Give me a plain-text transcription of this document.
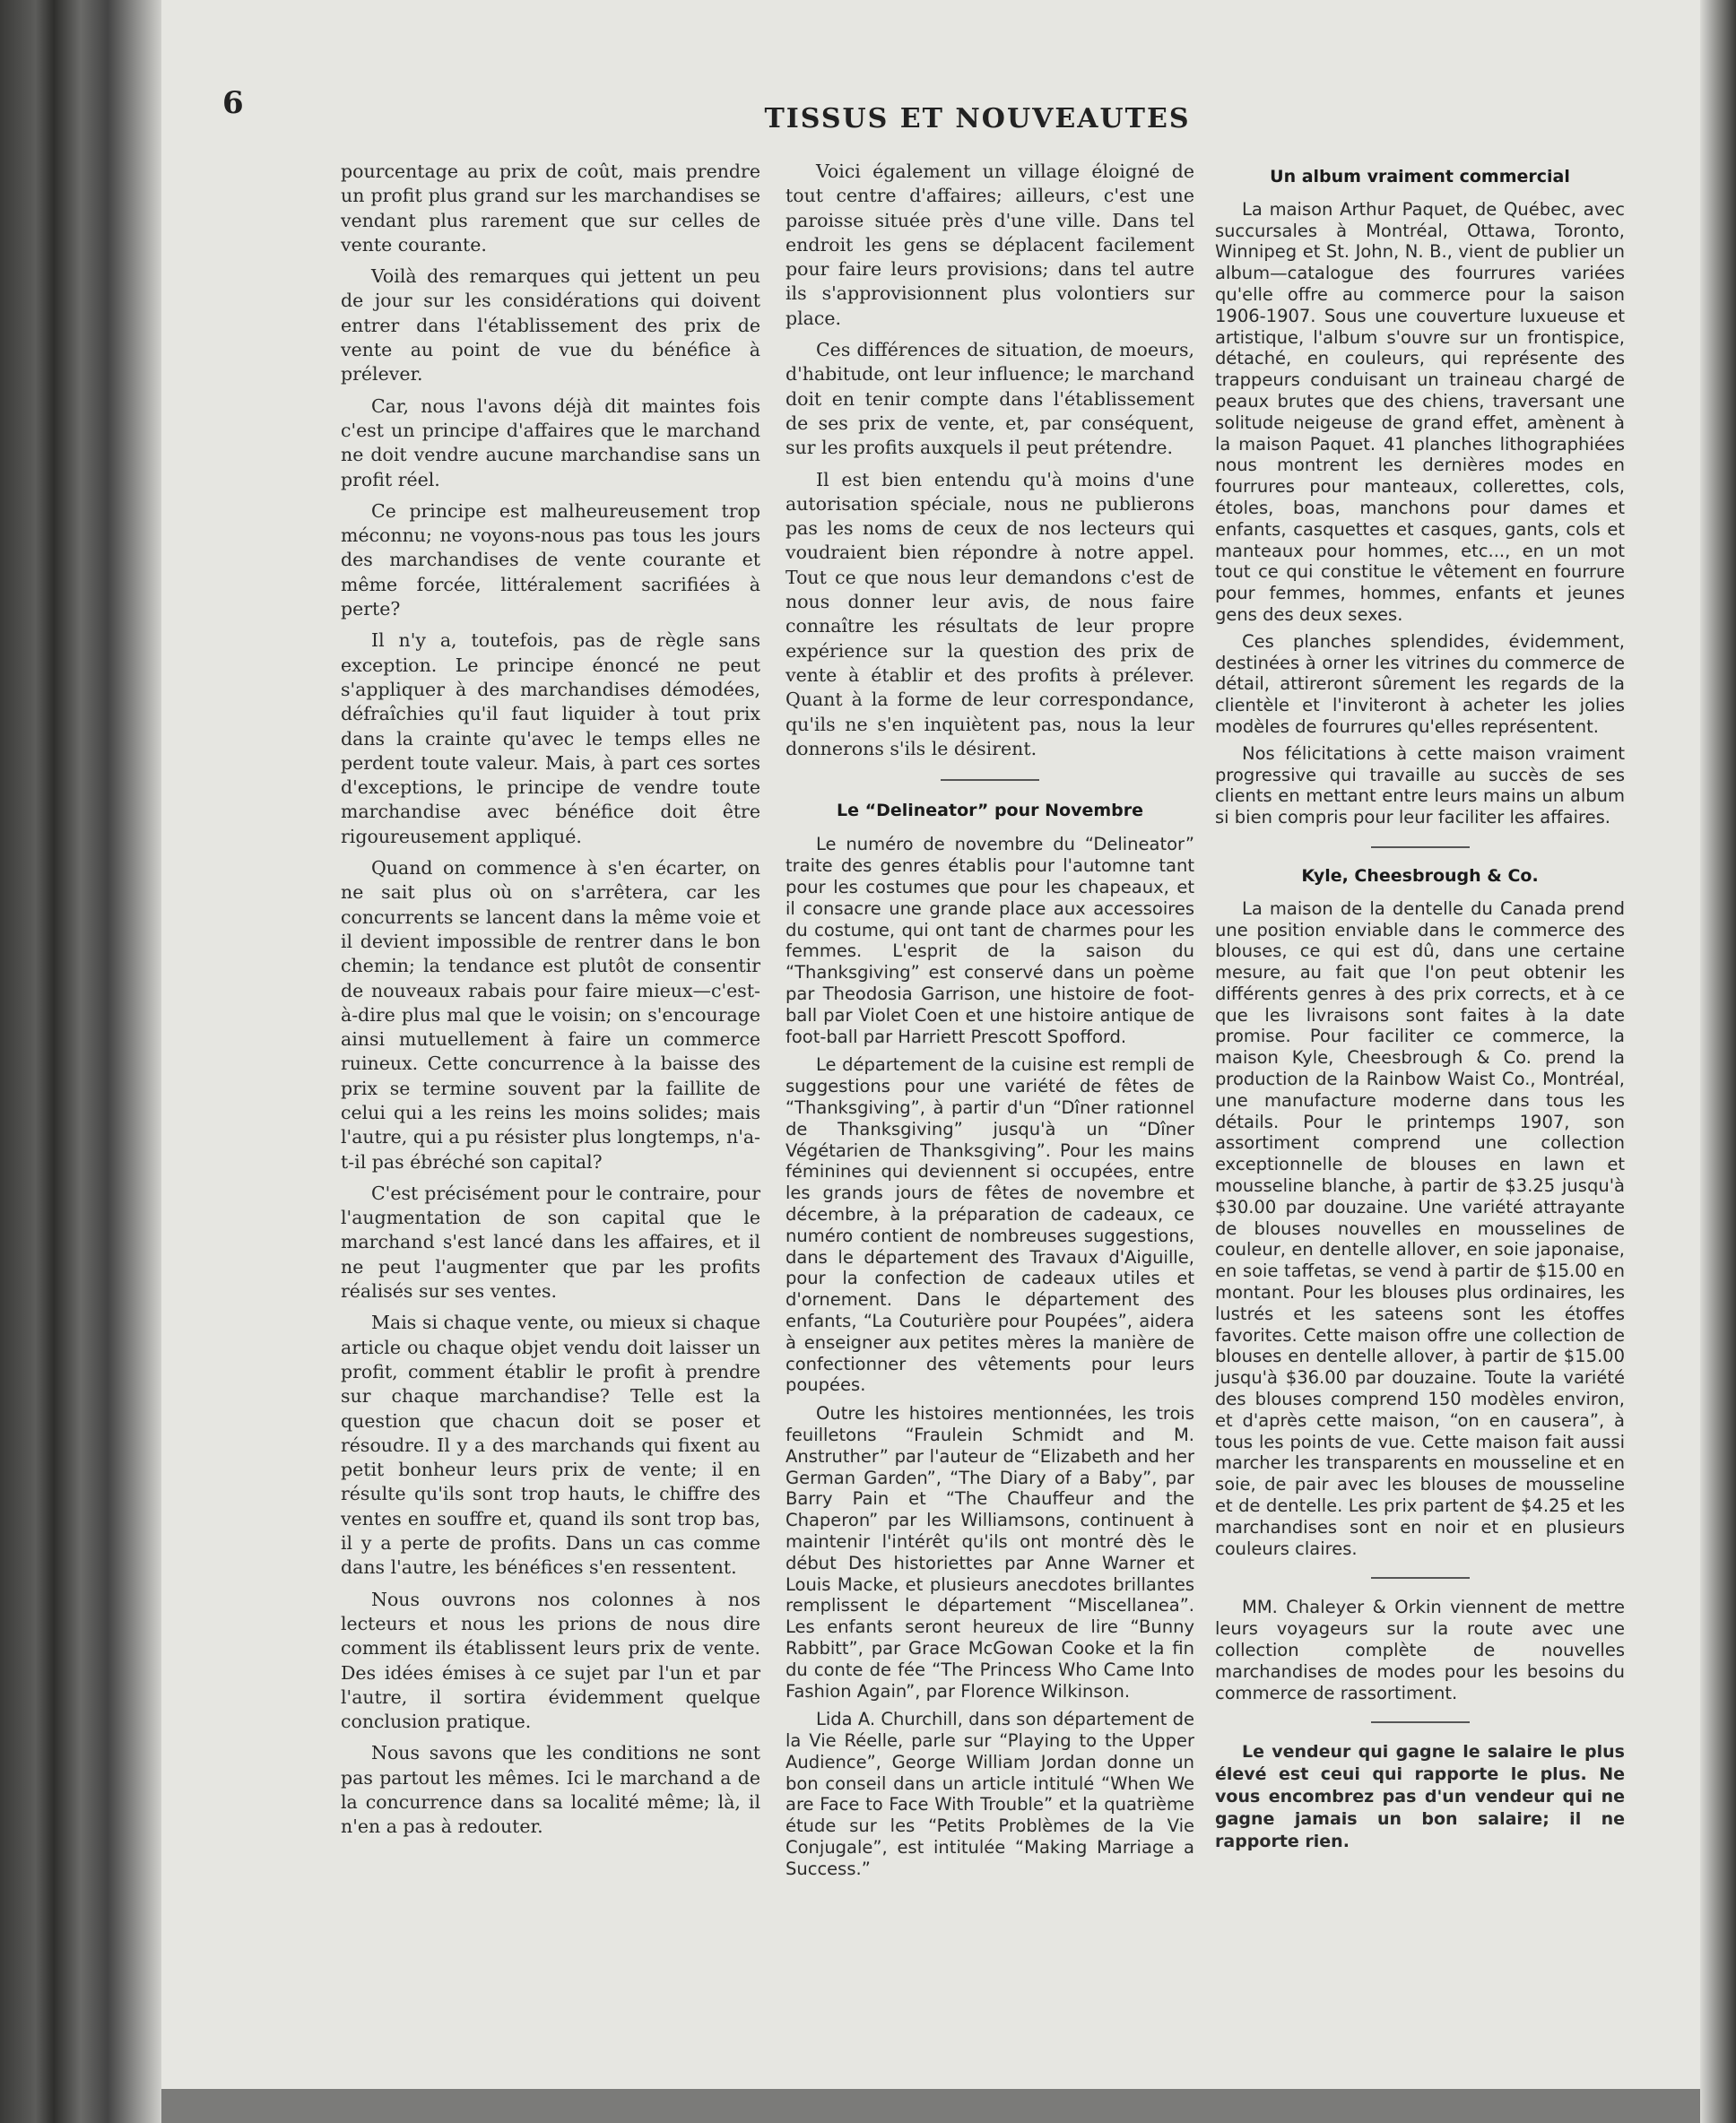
6	TISSUS ET NOUVEAUTES

pourcentage au prix de coût, mais prendre un profit plus grand sur les marchandises se vendant plus rarement que sur celles de vente courante.

Voilà des remarques qui jettent un peu de jour sur les considérations qui doivent entrer dans l'établissement des prix de vente au point de vue du bénéfice à prélever.

Car, nous l'avons déjà dit maintes fois c'est un principe d'affaires que le marchand ne doit vendre aucune marchandise sans un profit réel.

Ce principe est malheureusement trop méconnu; ne voyons-nous pas tous les jours des marchandises de vente courante et même forcée, littéralement sacrifiées à perte?

Il n'y a, toutefois, pas de règle sans exception. Le principe énoncé ne peut s'appliquer à des marchandises démodées, défraîchies qu'il faut liquider à tout prix dans la crainte qu'avec le temps elles ne perdent toute valeur. Mais, à part ces sortes d'exceptions, le principe de vendre toute marchandise avec bénéfice doit être rigoureusement appliqué.

Quand on commence à s'en écarter, on ne sait plus où on s'arrêtera, car les concurrents se lancent dans la même voie et il devient impossible de rentrer dans le bon chemin; la tendance est plutôt de consentir de nouveaux rabais pour faire mieux—c'est-à-dire plus mal que le voisin; on s'encourage ainsi mutuellement à faire un commerce ruineux. Cette concurrence à la baisse des prix se termine souvent par la faillite de celui qui a les reins les moins solides; mais l'autre, qui a pu résister plus longtemps, n'a-t-il pas ébréché son capital?

C'est précisément pour le contraire, pour l'augmentation de son capital que le marchand s'est lancé dans les affaires, et il ne peut l'augmenter que par les profits réalisés sur ses ventes.

Mais si chaque vente, ou mieux si chaque article ou chaque objet vendu doit laisser un profit, comment établir le profit à prendre sur chaque marchandise? Telle est la question que chacun doit se poser et résoudre. Il y a des marchands qui fixent au petit bonheur leurs prix de vente; il en résulte qu'ils sont trop hauts, le chiffre des ventes en souffre et, quand ils sont trop bas, il y a perte de profits. Dans un cas comme dans l'autre, les bénéfices s'en ressentent.

Nous ouvrons nos colonnes à nos lecteurs et nous les prions de nous dire comment ils établissent leurs prix de vente. Des idées émises à ce sujet par l'un et par l'autre, il sortira évidemment quelque conclusion pratique.

Nous savons que les conditions ne sont pas partout les mêmes. Ici le marchand a de la concurrence dans sa localité même; là, il n'en a pas à redouter.

Voici également un village éloigné de tout centre d'affaires; ailleurs, c'est une paroisse située près d'une ville. Dans tel endroit les gens se déplacent facilement pour faire leurs provisions; dans tel autre ils s'approvisionnent plus volontiers sur place.

Ces différences de situation, de moeurs, d'habitude, ont leur influence; le marchand doit en tenir compte dans l'établissement de ses prix de vente, et, par conséquent, sur les profits auxquels il peut prétendre.

Il est bien entendu qu'à moins d'une autorisation spéciale, nous ne publierons pas les noms de ceux de nos lecteurs qui voudraient bien répondre à notre appel. Tout ce que nous leur demandons c'est de nous donner leur avis, de nous faire connaître les résultats de leur propre expérience sur la question des prix de vente à établir et des profits à prélever. Quant à la forme de leur correspondance, qu'ils ne s'en inquiètent pas, nous la leur donnerons s'ils le désirent.

Le “Delineator” pour Novembre

Le numéro de novembre du “Delineator” traite des genres établis pour l'automne tant pour les costumes que pour les chapeaux, et il consacre une grande place aux accessoires du costume, qui ont tant de charmes pour les femmes. L'esprit de la saison du “Thanksgiving” est conservé dans un poème par Theodosia Garrison, une histoire de foot-ball par Violet Coen et une histoire antique de foot-ball par Harriett Prescott Spofford.

Le département de la cuisine est rempli de suggestions pour une variété de fêtes de “Thanksgiving”, à partir d'un “Dîner rationnel de Thanksgiving” jusqu'à un “Dîner Végétarien de Thanksgiving”. Pour les mains féminines qui deviennent si occupées, entre les grands jours de fêtes de novembre et décembre, à la préparation de cadeaux, ce numéro contient de nombreuses suggestions, dans le département des Travaux d'Aiguille, pour la confection de cadeaux utiles et d'ornement. Dans le département des enfants, “La Couturière pour Poupées”, aidera à enseigner aux petites mères la manière de confectionner des vêtements pour leurs poupées.

Outre les histoires mentionnées, les trois feuilletons “Fraulein Schmidt and M. Anstruther” par l'auteur de “Elizabeth and her German Garden”, “The Diary of a Baby”, par Barry Pain et “The Chauffeur and the Chaperon” par les Williamsons, continuent à maintenir l'intérêt qu'ils ont montré dès le début Des historiettes par Anne Warner et Louis Macke, et plusieurs anecdotes brillantes remplissent le département “Miscellanea”. Les enfants seront heureux de lire “Bunny Rabbitt”, par Grace McGowan Cooke et la fin du conte de fée “The Princess Who Came Into Fashion Again”, par Florence Wilkinson.

Lida A. Churchill, dans son département de la Vie Réelle, parle sur “Playing to the Upper Audience”, George William Jordan donne un bon conseil dans un article intitulé “When We are Face to Face With Trouble” et la quatrième étude sur les “Petits Problèmes de la Vie Conjugale”, est intitulée “Making Marriage a Success.”

Un album vraiment commercial

La maison Arthur Paquet, de Québec, avec succursales à Montréal, Ottawa, Toronto, Winnipeg et St. John, N. B., vient de publier un album—catalogue des fourrures variées qu'elle offre au commerce pour la saison 1906-1907. Sous une couverture luxueuse et artistique, l'album s'ouvre sur un frontispice, détaché, en couleurs, qui représente des trappeurs conduisant un traineau chargé de peaux brutes que des chiens, traversant une solitude neigeuse de grand effet, amènent à la maison Paquet. 41 planches lithographiées nous montrent les dernières modes en fourrures pour manteaux, collerettes, cols, étoles, boas, manchons pour dames et enfants, casquettes et casques, gants, cols et manteaux pour hommes, etc..., en un mot tout ce qui constitue le vêtement en fourrure pour femmes, hommes, enfants et jeunes gens des deux sexes.

Ces planches splendides, évidemment, destinées à orner les vitrines du commerce de détail, attireront sûrement les regards de la clientèle et l'inviteront à acheter les jolies modèles de fourrures qu'elles représentent.

Nos félicitations à cette maison vraiment progressive qui travaille au succès de ses clients en mettant entre leurs mains un album si bien compris pour leur faciliter les affaires.

Kyle, Cheesbrough & Co.

La maison de la dentelle du Canada prend une position enviable dans le commerce des blouses, ce qui est dû, dans une certaine mesure, au fait que l'on peut obtenir les différents genres à des prix corrects, et à ce que les livraisons sont faites à la date promise. Pour faciliter ce commerce, la maison Kyle, Cheesbrough & Co. prend la production de la Rainbow Waist Co., Montréal, une manufacture moderne dans tous les détails. Pour le printemps 1907, son assortiment comprend une collection exceptionnelle de blouses en lawn et mousseline blanche, à partir de $3.25 jusqu'à $30.00 par douzaine. Une variété attrayante de blouses nouvelles en mousselines de couleur, en dentelle allover, en soie japonaise, en soie taffetas, se vend à partir de $15.00 en montant. Pour les blouses plus ordinaires, les lustrés et les sateens sont les étoffes favorites. Cette maison offre une collection de blouses en dentelle allover, à partir de $15.00 jusqu'à $36.00 par douzaine. Toute la variété des blouses comprend 150 modèles environ, et d'après cette maison, “on en causera”, à tous les points de vue. Cette maison fait aussi marcher les transparents en mousseline et en soie, de pair avec les blouses de mousseline et de dentelle. Les prix partent de $4.25 et les marchandises sont en noir et en plusieurs couleurs claires.

MM. Chaleyer & Orkin viennent de mettre leurs voyageurs sur la route avec une collection complète de nouvelles marchandises de modes pour les besoins du commerce de rassortiment.

Le vendeur qui gagne le salaire le plus élevé est ceui qui rapporte le plus. Ne vous encombrez pas d'un vendeur qui ne gagne jamais un bon salaire; il ne rapporte rien.
